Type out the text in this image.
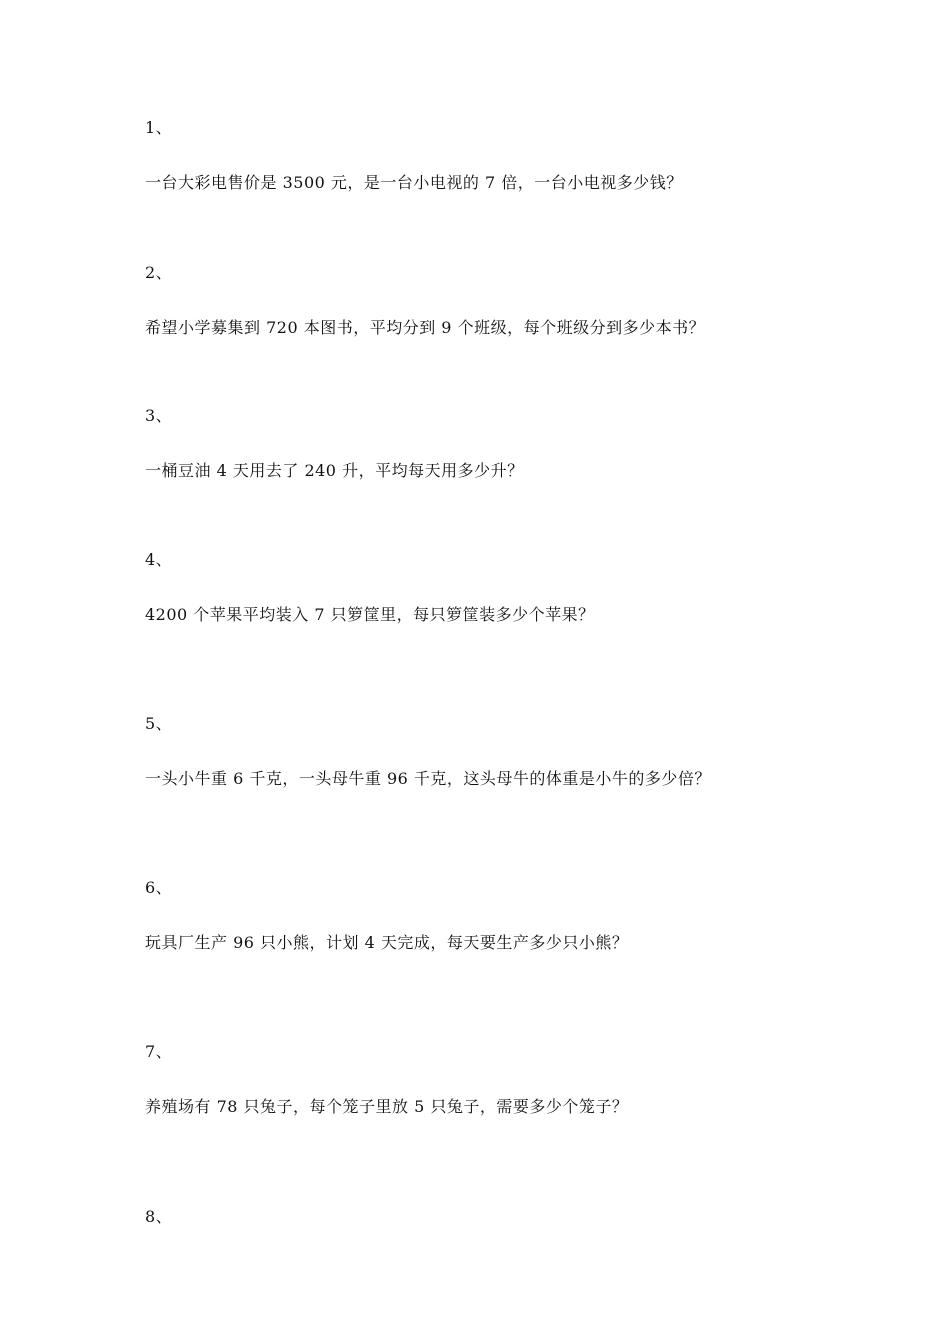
1、
一台大彩电售价是 3500 元，是一台小电视的 7 倍，一台小电视多少钱？
2、
希望小学募集到 720 本图书，平均分到 9 个班级，每个班级分到多少本书？
3、
一桶豆油 4 天用去了 240 升，平均每天用多少升？
4、
4200 个苹果平均装入 7 只箩筐里，每只箩筐装多少个苹果？
5、
一头小牛重 6 千克，一头母牛重 96 千克，这头母牛的体重是小牛的多少倍？
6、
玩具厂生产 96 只小熊，计划 4 天完成，每天要生产多少只小熊？
7、
养殖场有 78 只兔子，每个笼子里放 5 只兔子，需要多少个笼子？
8、
